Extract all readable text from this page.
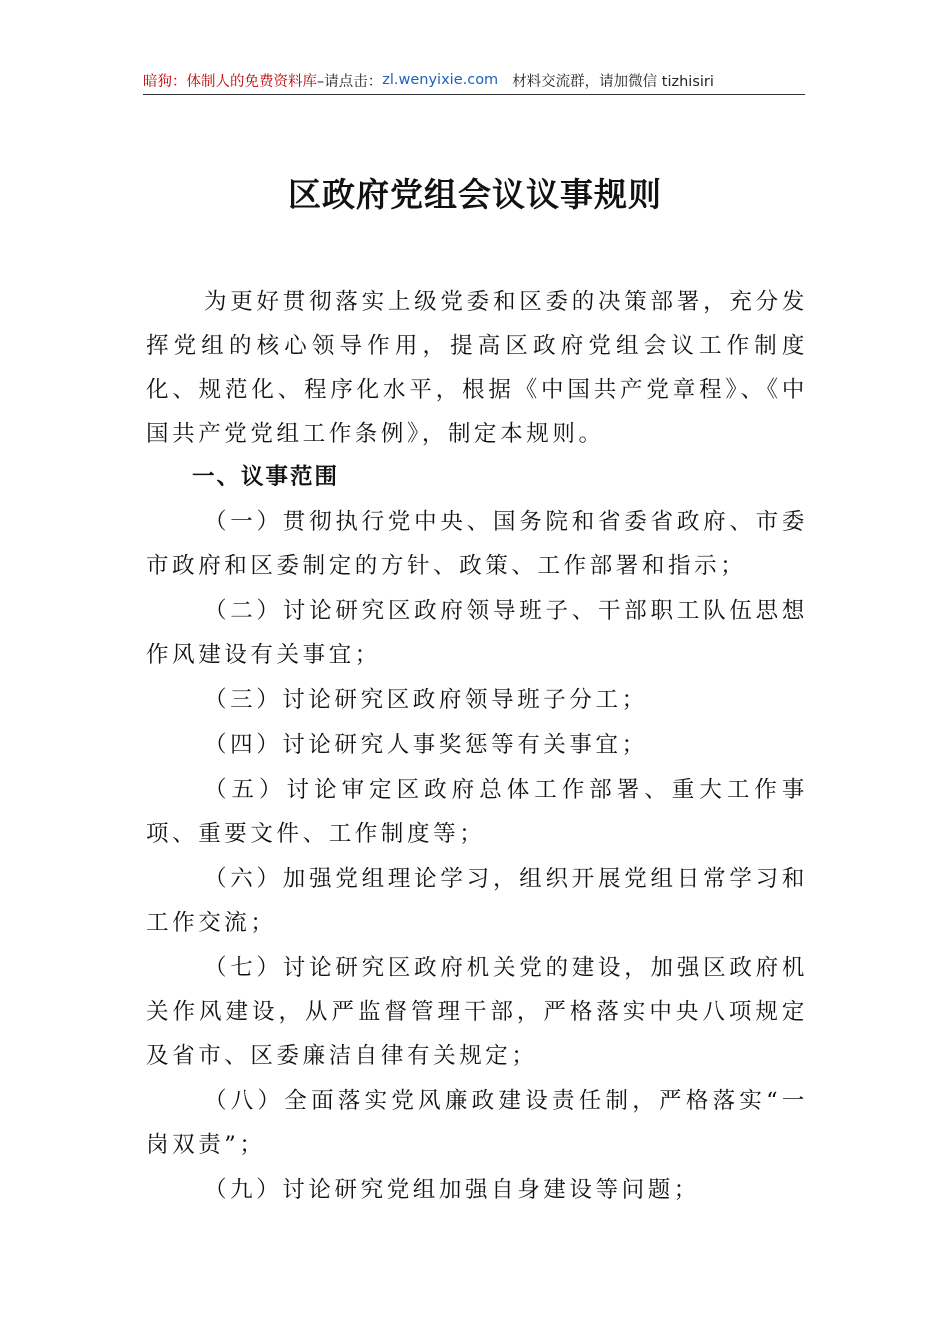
暗狗：体制人的免费资料库 –请点击： zl.wenyixie.com 材料交流群，请加微信 tizhisiri
区政府党组会议议事规则

为更好贯彻落实上级党委和区委的决策部署，充分发挥党组的核心领导作用，提高区政府党组会议工作制度化、规范化、程序化水平，根据《中国共产党章程》、《中国共产党党组工作条例》，制定本规则。

一、议事范围

（一）贯彻执行党中央、国务院和省委省政府、市委市政府和区委制定的方针、政策、工作部署和指示；

（二）讨论研究区政府领导班子、干部职工队伍思想作风建设有关事宜；

（三）讨论研究区政府领导班子分工；

（四）讨论研究人事奖惩等有关事宜；

（五）讨论审定区政府总体工作部署、重大工作事项、重要文件、工作制度等；

（六）加强党组理论学习，组织开展党组日常学习和工作交流；

（七）讨论研究区政府机关党的建设，加强区政府机关作风建设，从严监督管理干部，严格落实中央八项规定及省市、区委廉洁自律有关规定；

（八）全面落实党风廉政建设责任制，严格落实“一岗双责”；

（九）讨论研究党组加强自身建设等问题；
